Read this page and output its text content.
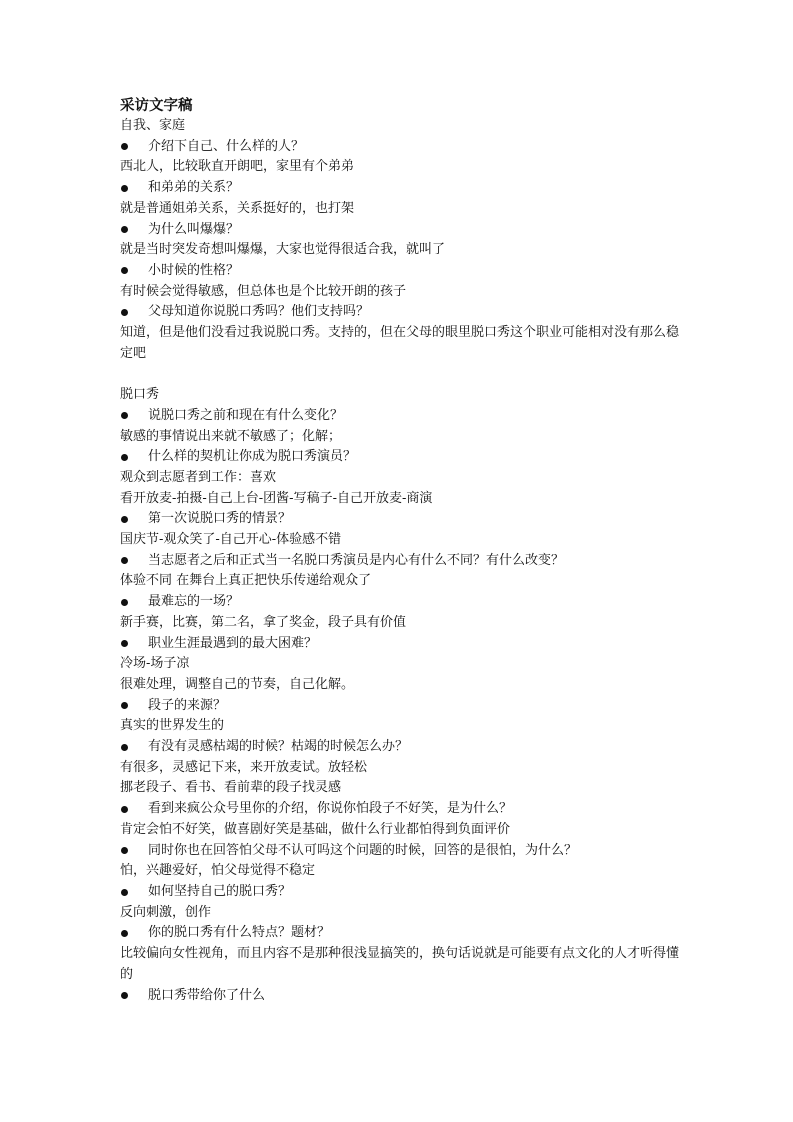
采访文字稿
自我、家庭
介绍下自己、什么样的人？
西北人，比较耿直开朗吧，家里有个弟弟
和弟弟的关系？
就是普通姐弟关系，关系挺好的，也打架
为什么叫爆爆？
就是当时突发奇想叫爆爆，大家也觉得很适合我，就叫了
小时候的性格？
有时候会觉得敏感，但总体也是个比较开朗的孩子
父母知道你说脱口秀吗？他们支持吗？
知道，但是他们没看过我说脱口秀。支持的，但在父母的眼里脱口秀这个职业可能相对没有那么稳定吧
脱口秀
说脱口秀之前和现在有什么变化？
敏感的事情说出来就不敏感了；化解；
什么样的契机让你成为脱口秀演员？
观众到志愿者到工作：喜欢
看开放麦-拍摄-自己上台-团酱-写稿子-自己开放麦-商演
第一次说脱口秀的情景？
国庆节-观众笑了-自己开心-体验感不错
当志愿者之后和正式当一名脱口秀演员是内心有什么不同？有什么改变？
体验不同 在舞台上真正把快乐传递给观众了
最难忘的一场？
新手赛，比赛，第二名，拿了奖金，段子具有价值
职业生涯最遇到的最大困难？
冷场-场子凉
很难处理，调整自己的节奏，自己化解。
段子的来源？
真实的世界发生的
有没有灵感枯竭的时候？枯竭的时候怎么办？
有很多，灵感记下来，来开放麦试。放轻松
挪老段子、看书、看前辈的段子找灵感
看到来疯公众号里你的介绍，你说你怕段子不好笑，是为什么？
肯定会怕不好笑，做喜剧好笑是基础，做什么行业都怕得到负面评价
同时你也在回答怕父母不认可吗这个问题的时候，回答的是很怕，为什么？
怕，兴趣爱好，怕父母觉得不稳定
如何坚持自己的脱口秀？
反向刺激，创作
你的脱口秀有什么特点？题材？
比较偏向女性视角，而且内容不是那种很浅显搞笑的，换句话说就是可能要有点文化的人才听得懂的
脱口秀带给你了什么
